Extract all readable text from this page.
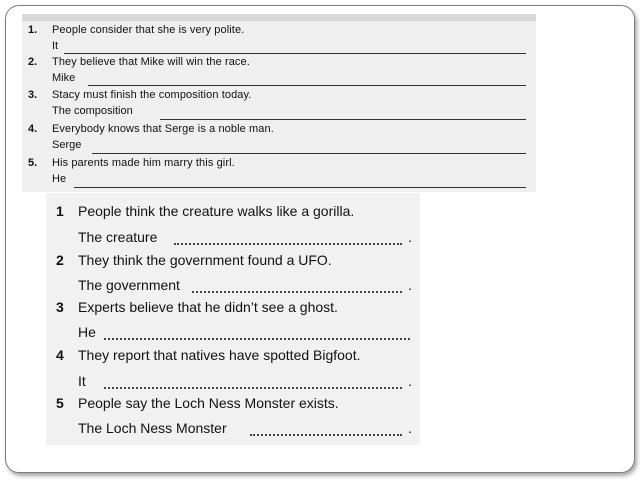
1. People consider that she is very polite.
It
2. They believe that Mike will win the race.
Mike
3. Stacy must finish the composition today.
The composition
4. Everybody knows that Serge is a noble man.
Serge
5. His parents made him marry this girl.
He
1 People think the creature walks like a gorilla.
The creature	.
2 They think the government found a UFO.
The government	.
3 Experts believe that he didn’t see a ghost.
He
4 They report that natives have spotted Bigfoot.
It	.
5 People say the Loch Ness Monster exists.
The Loch Ness Monster	.
